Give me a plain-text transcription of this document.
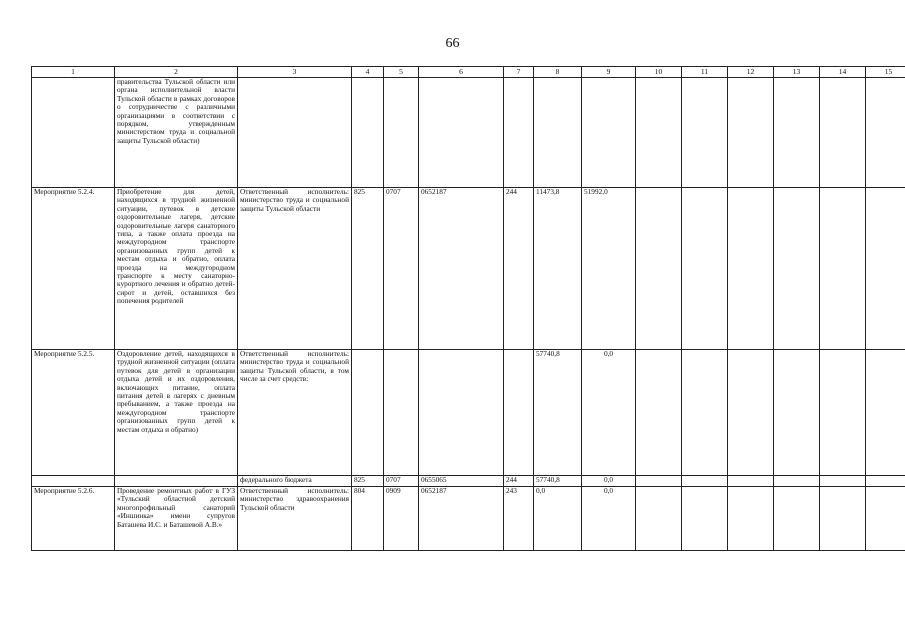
66
1	2	3	4	5	6	7	8	9	10	11	12	13	14	15
	правительства Тульской области или органа исполнительной власти Тульской области в рамках договоров о сотрудничестве с различными организациями в соответствии с порядком, утвержденным министерством труда и социальной защиты Тульской области)													
Мероприятие 5.2.4.	Приобретение для детей, находящихся в трудной жизненной ситуации, путевок в детские оздоровительные лагеря, детские оздоровительные лагеря санаторного типа, а также оплата проезда на междугородном транспорте организованных групп детей к местам отдыха и обратно, оплата проезда на междугородном транспорте к месту санаторно-курортного лечения и обратно детей-сирот и детей, оставшихся без попечения родителей	Ответственный исполнитель: министерство труда и социальной защиты Тульской области	825	0707	0652187	244	11473,8	51992,0						
Мероприятие 5.2.5.	Оздоровление детей, находящихся в трудной жизненной ситуации (оплата путевок для детей в организации отдыха детей и их оздоровления, включающих питание, оплата питания детей в лагерях с дневным пребыванием, а также проезда на междугородном транспорте организованных групп детей к местам отдыха и обратно)	Ответственный исполнитель: министерство труда и социальной защиты Тульской области, в том числе за счет средств:					57740,8	0,0						
		федерального бюджета	825	0707	0655065	244	57740,8	0,0						
Мероприятие 5.2.6.	Проведение ремонтных работ в ГУЗ «Тульский областной детский многопрофильный санаторий «Иншинка» имени супругов Баташева И.С. и Баташевой А.В.»	Ответственный исполнитель: министерство здравоохранения Тульской области	804	0909	0652187	243	0,0	0,0						
